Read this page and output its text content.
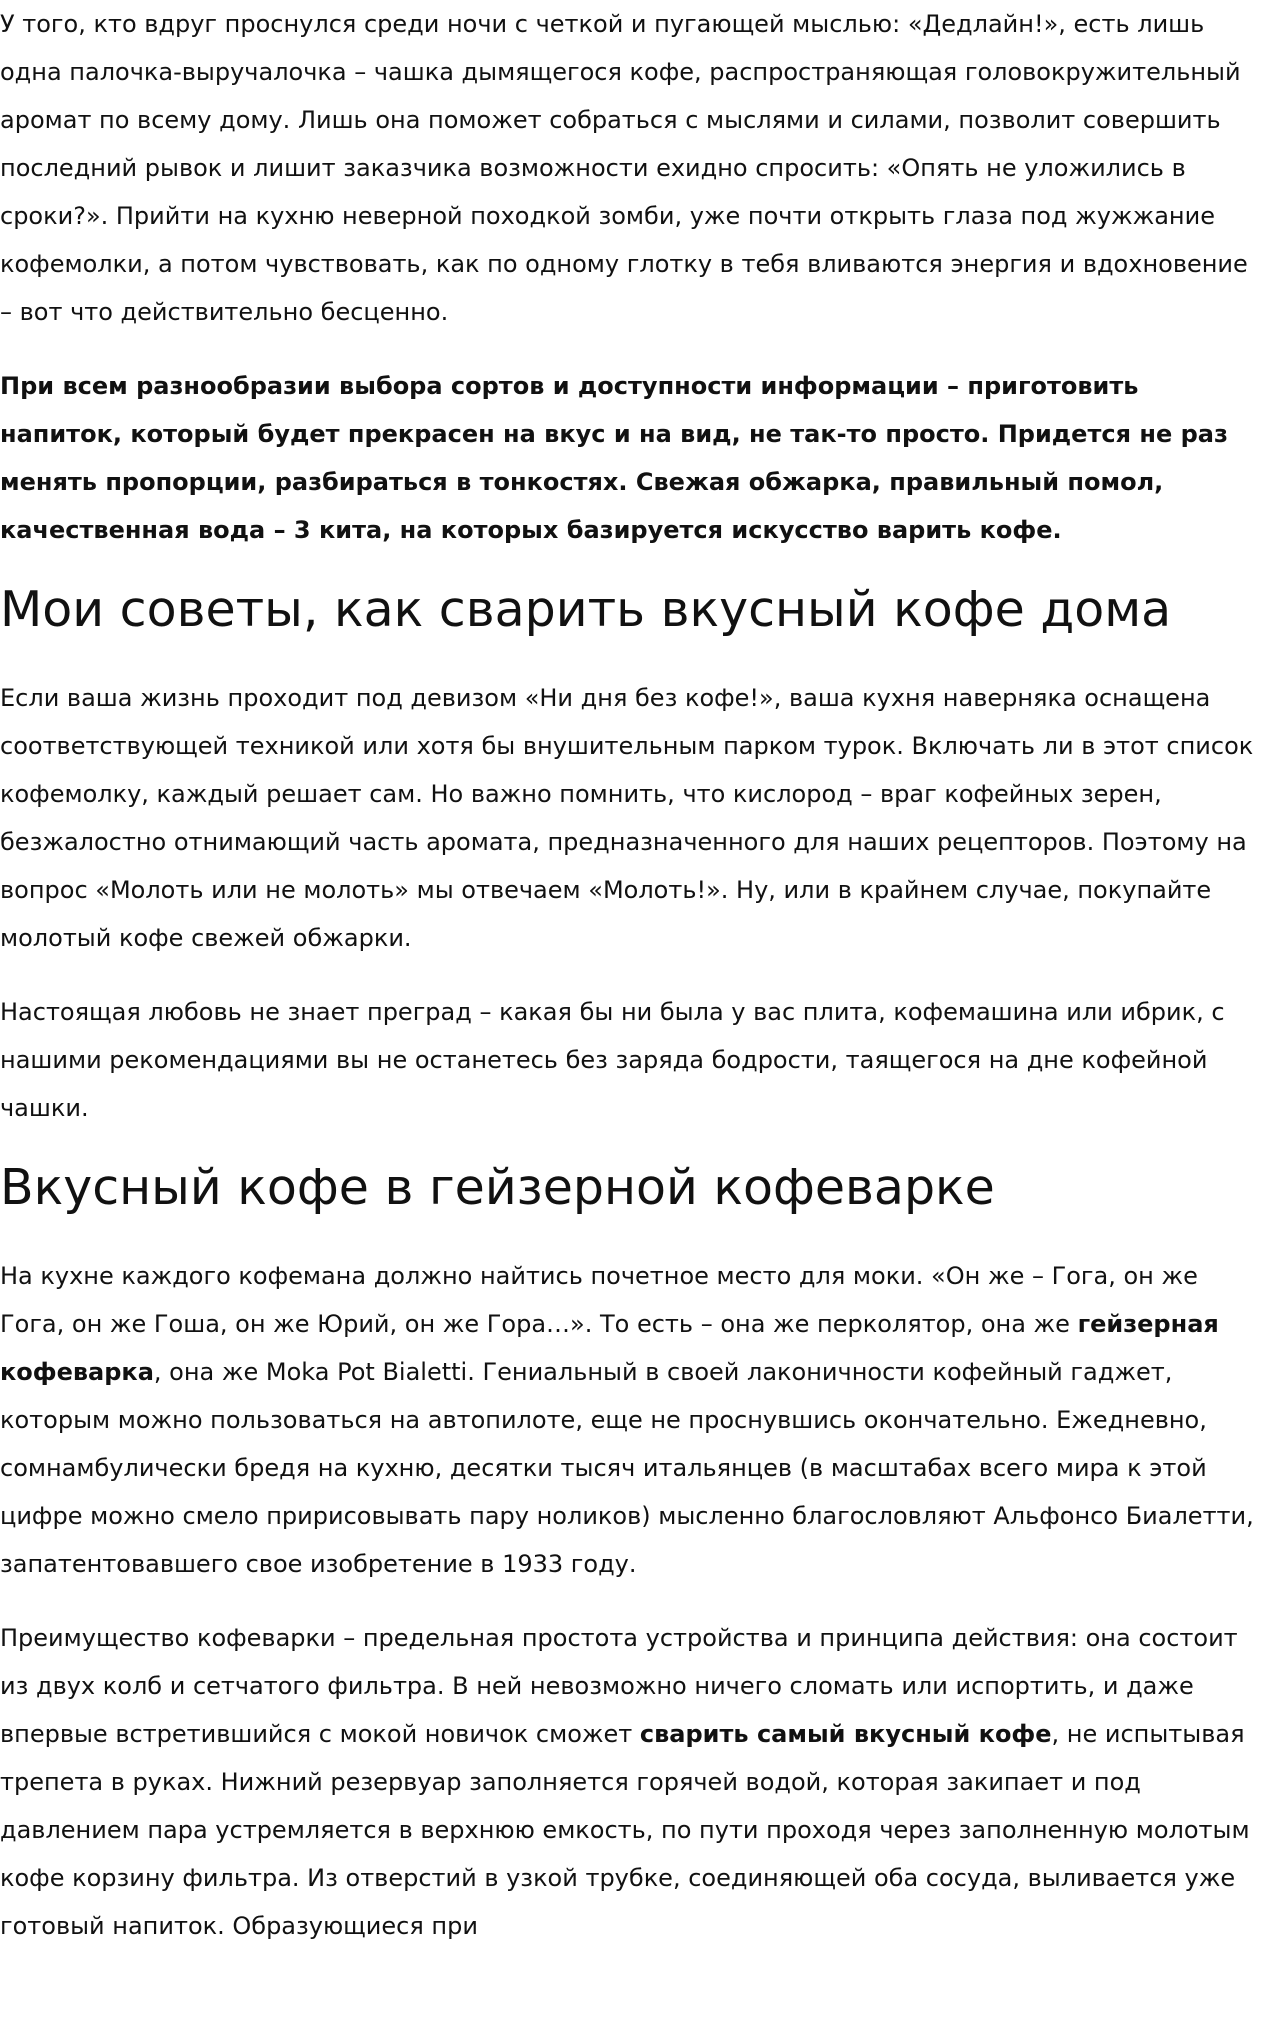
У того, кто вдруг проснулся среди ночи с четкой и пугающей мыслью: «Дедлайн!», есть лишь одна палочка-выручалочка – чашка дымящегося кофе, распространяющая головокружительный аромат по всему дому. Лишь она поможет собраться с мыслями и силами, позволит совершить последний рывок и лишит заказчика возможности ехидно спросить: «Опять не уложились в сроки?». Прийти на кухню неверной походкой зомби, уже почти открыть глаза под жужжание кофемолки, а потом чувствовать, как по одному глотку в тебя вливаются энергия и вдохновение – вот что действительно бесценно.

При всем разнообразии выбора сортов и доступности информации – приготовить напиток, который будет прекрасен на вкус и на вид, не так-то просто. Придется не раз менять пропорции, разбираться в тонкостях. Свежая обжарка, правильный помол, качественная вода – 3 кита, на которых базируется искусство варить кофе.

Мои советы, как сварить вкусный кофе дома

Если ваша жизнь проходит под девизом «Ни дня без кофе!», ваша кухня наверняка оснащена соответствующей техникой или хотя бы внушительным парком турок. Включать ли в этот список кофемолку, каждый решает сам. Но важно помнить, что кислород – враг кофейных зерен, безжалостно отнимающий часть аромата, предназначенного для наших рецепторов. Поэтому на вопрос «Молоть или не молоть» мы отвечаем «Молоть!». Ну, или в крайнем случае, покупайте молотый кофе свежей обжарки.

Настоящая любовь не знает преград – какая бы ни была у вас плита, кофемашина или ибрик, с нашими рекомендациями вы не останетесь без заряда бодрости, таящегося на дне кофейной чашки.

Вкусный кофе в гейзерной кофеварке

На кухне каждого кофемана должно найтись почетное место для моки. «Он же – Гога, он же Гога, он же Гоша, он же Юрий, он же Гора…». То есть – она же перколятор, она же гейзерная кофеварка, она же Moka Pot Bialetti. Гениальный в своей лаконичности кофейный гаджет, которым можно пользоваться на автопилоте, еще не проснувшись окончательно. Ежедневно, сомнамбулически бредя на кухню, десятки тысяч итальянцев (в масштабах всего мира к этой цифре можно смело пририсовывать пару ноликов) мысленно благословляют Альфонсо Биалетти, запатентовавшего свое изобретение в 1933 году.

Преимущество кофеварки – предельная простота устройства и принципа действия: она состоит из двух колб и сетчатого фильтра. В ней невозможно ничего сломать или испортить, и даже впервые встретившийся с мокой новичок сможет сварить самый вкусный кофе, не испытывая трепета в руках. Нижний резервуар заполняется горячей водой, которая закипает и под давлением пара устремляется в верхнюю емкость, по пути проходя через заполненную молотым кофе корзину фильтра. Из отверстий в узкой трубке, соединяющей оба сосуда, выливается уже готовый напиток. Образующиеся при
